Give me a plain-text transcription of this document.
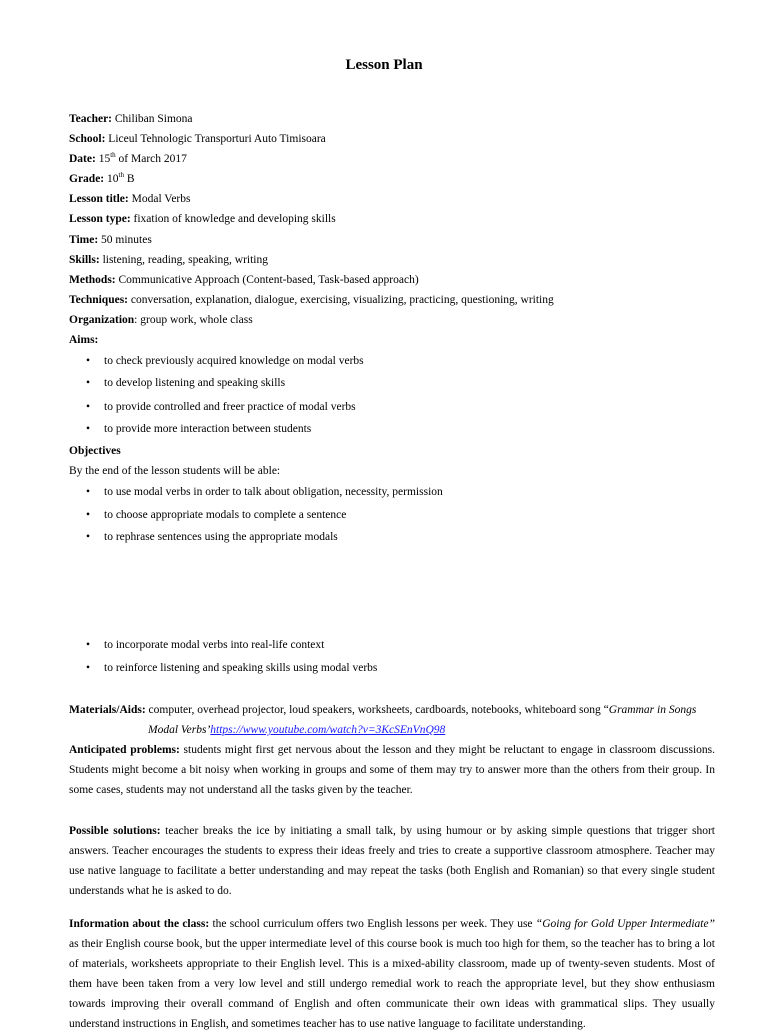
Lesson Plan
Teacher: Chiliban Simona
School: Liceul Tehnologic Transporturi Auto Timisoara
Date: 15th of March 2017
Grade: 10th B
Lesson title: Modal Verbs
Lesson type: fixation of knowledge and developing skills
Time: 50 minutes
Skills: listening, reading, speaking, writing
Methods: Communicative Approach (Content-based, Task-based approach)
Techniques: conversation, explanation, dialogue, exercising, visualizing, practicing, questioning, writing
Organization: group work, whole class
Aims:
• to check previously acquired knowledge on modal verbs
• to develop listening and speaking skills
• to provide controlled and freer practice of modal verbs
• to provide more interaction between students
Objectives
By the end of the lesson students will be able:
• to use modal verbs in order to talk about obligation, necessity, permission
• to choose appropriate modals to complete a sentence
• to rephrase sentences using the appropriate modals
• to incorporate modal verbs into real-life context
• to reinforce listening and speaking skills using modal verbs
Materials/Aids: computer, overhead projector, loud speakers, worksheets, cardboards, notebooks, whiteboard song “Grammar in Songs
Modal Verbs’https://www.youtube.com/watch?v=3KcSEnVnQ98
Anticipated problems: students might first get nervous about the lesson and they might be reluctant to engage in classroom discussions. Students might become a bit noisy when working in groups and some of them may try to answer more than the others from their group. In some cases, students may not understand all the tasks given by the teacher.
Possible solutions: teacher breaks the ice by initiating a small talk, by using humour or by asking simple questions that trigger short answers. Teacher encourages the students to express their ideas freely and tries to create a supportive classroom atmosphere. Teacher may use native language to facilitate a better understanding and may repeat the tasks (both English and Romanian) so that every single student understands what he is asked to do.
Information about the class: the school curriculum offers two English lessons per week. They use “Going for Gold Upper Intermediate” as their English course book, but the upper intermediate level of this course book is much too high for them, so the teacher has to bring a lot of materials, worksheets appropriate to their English level. This is a mixed-ability classroom, made up of twenty-seven students. Most of them have been taken from a very low level and still undergo remedial work to reach the appropriate level, but they show enthusiasm towards improving their overall command of English and often communicate their own ideas with grammatical slips. They usually understand instructions in English, and sometimes teacher has to use native language to facilitate understanding.
